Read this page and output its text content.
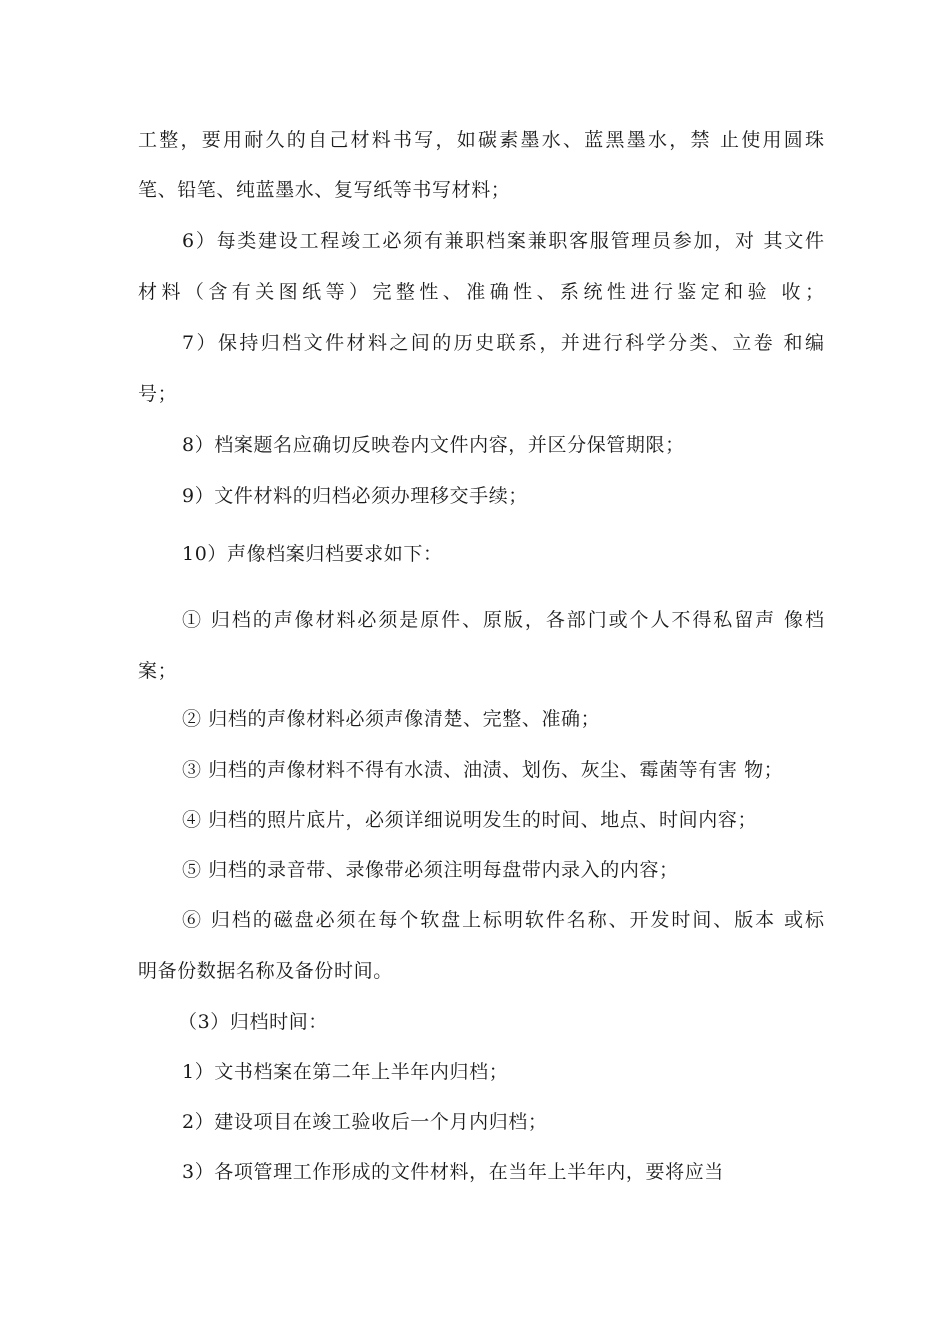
工整，要用耐久的自己材料书写，如碳素墨水、蓝黑墨水，禁 止使用圆珠
笔、铅笔、纯蓝墨水、复写纸等书写材料；
6）每类建设工程竣工必须有兼职档案兼职客服管理员参加，对 其文件
材料（含有关图纸等）完整性、准确性、系统性进行鉴定和验 收；
7）保持归档文件材料之间的历史联系，并进行科学分类、立卷 和编
号；
8）档案题名应确切反映卷内文件内容，并区分保管期限；
9）文件材料的归档必须办理移交手续；
10）声像档案归档要求如下：
① 归档的声像材料必须是原件、原版，各部门或个人不得私留声 像档
案；
② 归档的声像材料必须声像清楚、完整、准确；
③ 归档的声像材料不得有水渍、油渍、划伤、灰尘、霉菌等有害 物；
④ 归档的照片底片，必须详细说明发生的时间、地点、时间内容；
⑤ 归档的录音带、录像带必须注明每盘带内录入的内容；
⑥ 归档的磁盘必须在每个软盘上标明软件名称、开发时间、版本 或标
明备份数据名称及备份时间。
（3）归档时间：
1）文书档案在第二年上半年内归档；
2）建设项目在竣工验收后一个月内归档；
3）各项管理工作形成的文件材料，在当年上半年内，要将应当
